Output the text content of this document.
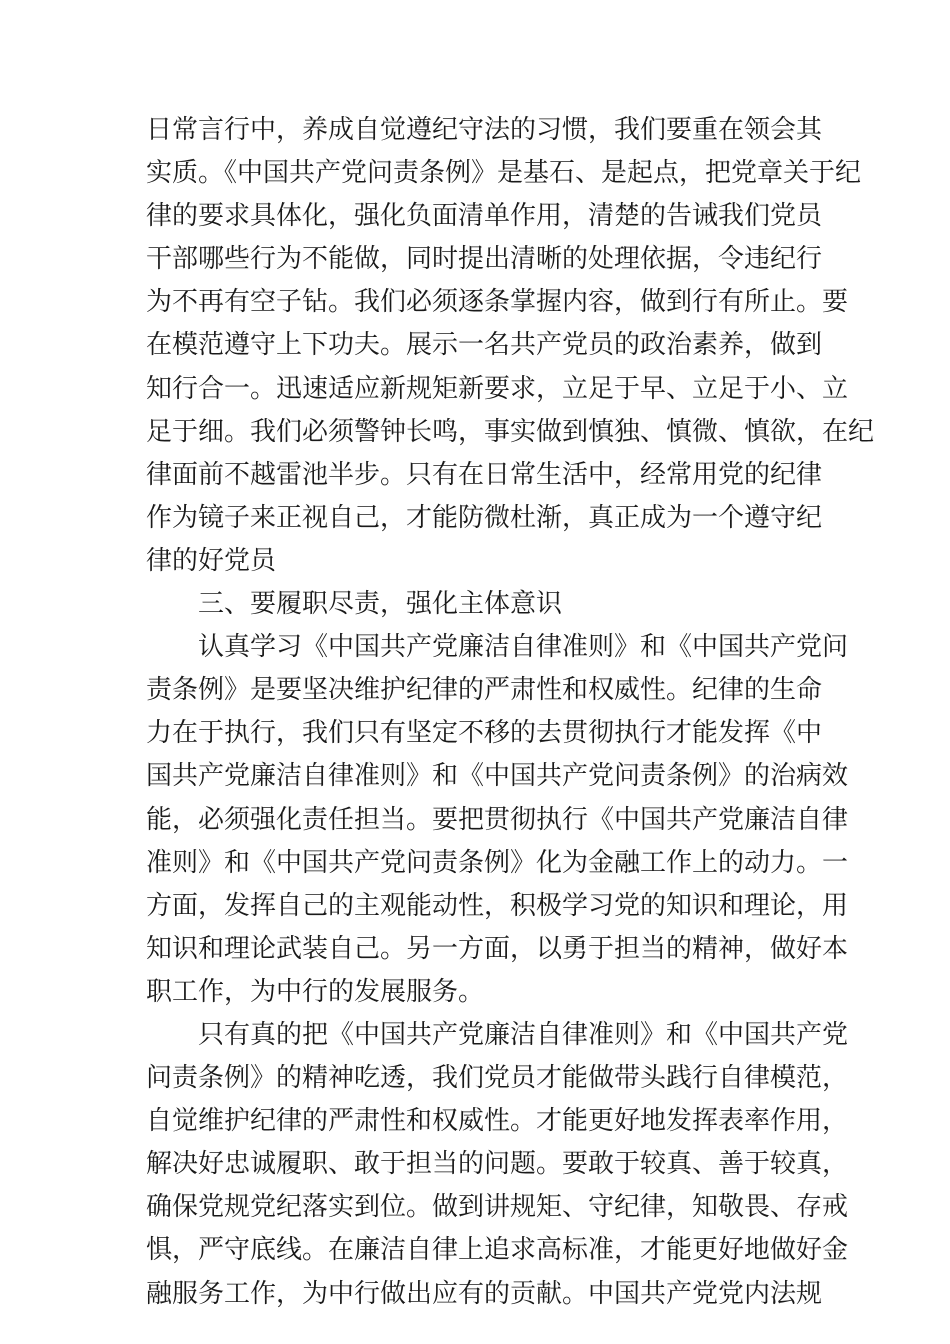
日常言行中，养成自觉遵纪守法的习惯，我们要重在领会其
实质。《中国共产党问责条例》是基石、是起点，把党章关于纪
律的要求具体化，强化负面清单作用，清楚的告诫我们党员
干部哪些行为不能做，同时提出清晰的处理依据，令违纪行
为不再有空子钻。我们必须逐条掌握内容，做到行有所止。要
在模范遵守上下功夫。展示一名共产党员的政治素养，做到
知行合一。迅速适应新规矩新要求，立足于早、立足于小、立
足于细。我们必须警钟长鸣，事实做到慎独、慎微、慎欲，在纪
律面前不越雷池半步。只有在日常生活中，经常用党的纪律
作为镜子来正视自己，才能防微杜渐，真正成为一个遵守纪
律的好党员
三、要履职尽责，强化主体意识
认真学习《中国共产党廉洁自律准则》和《中国共产党问
责条例》是要坚决维护纪律的严肃性和权威性。纪律的生命
力在于执行，我们只有坚定不移的去贯彻执行才能发挥《中
国共产党廉洁自律准则》和《中国共产党问责条例》的治病效
能，必须强化责任担当。要把贯彻执行《中国共产党廉洁自律
准则》和《中国共产党问责条例》化为金融工作上的动力。一
方面，发挥自己的主观能动性，积极学习党的知识和理论，用
知识和理论武装自己。另一方面，以勇于担当的精神，做好本
职工作，为中行的发展服务。
只有真的把《中国共产党廉洁自律准则》和《中国共产党
问责条例》的精神吃透，我们党员才能做带头践行自律模范，
自觉维护纪律的严肃性和权威性。才能更好地发挥表率作用，
解决好忠诚履职、敢于担当的问题。要敢于较真、善于较真，
确保党规党纪落实到位。做到讲规矩、守纪律，知敬畏、存戒
惧，严守底线。在廉洁自律上追求高标准，才能更好地做好金
融服务工作，为中行做出应有的贡献。中国共产党党内法规
